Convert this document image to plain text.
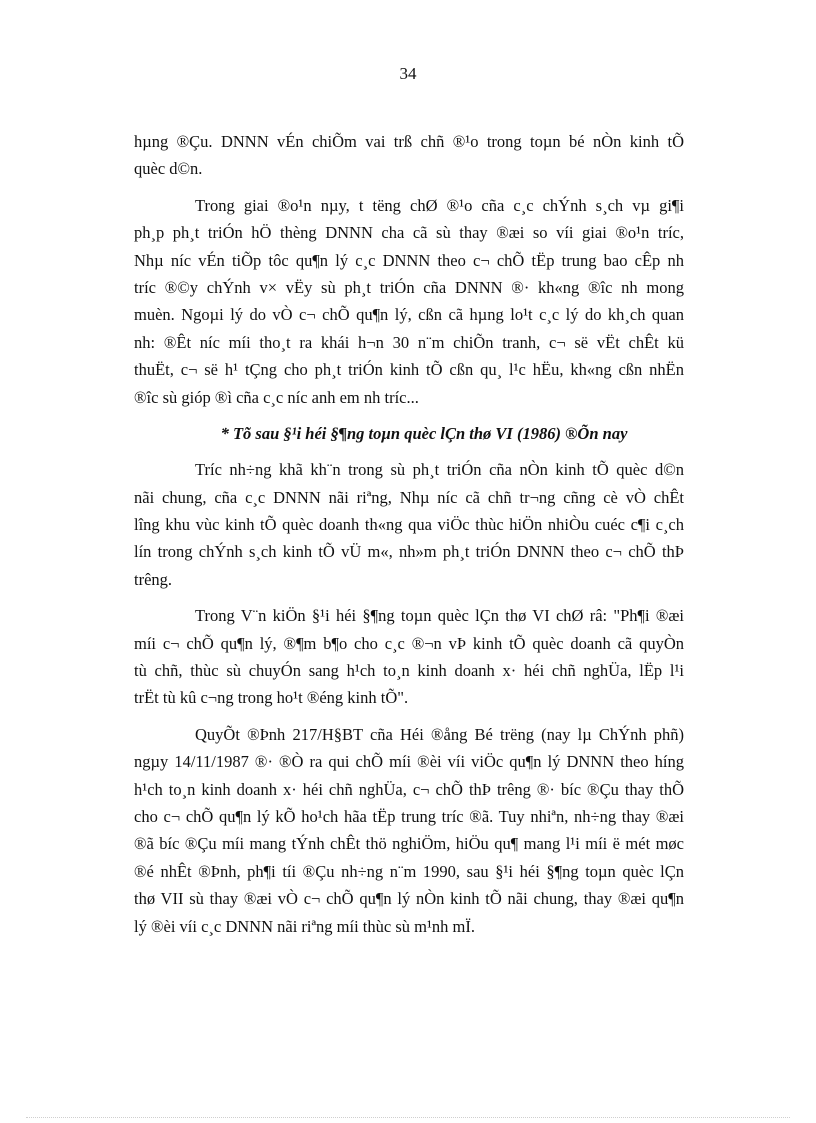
34
hµng ®Çu. DNNN vÉn chiÕm vai trß chñ ®¹o trong toµn bé nÒn kinh tÕ
quèc d©n.
Trong giai ®o¹n nµy, t tëng chØ ®¹o cña c¸c chÝnh s¸ch vµ gi¶i
ph¸p ph¸t triÓn hÖ thèng DNNN cha cã sù thay ®æi so víi giai ®o¹n tríc,
Nhµ níc vÉn tiÕp tôc qu¶n lý c¸c DNNN theo c¬ chÕ tËp trung bao cÊp nh
tríc ®©y chÝnh v× vËy sù ph¸t triÓn cña DNNN ®· kh«ng ®îc nh mong
muèn. Ngoµi lý do vÒ c¬ chÕ qu¶n lý, cßn cã hµng lo¹t c¸c lý do kh¸ch quan
nh: ®Êt níc míi tho¸t ra khái h¬n 30 n¨m chiÕn tranh, c¬ së vËt chÊt kü
thuËt, c¬ së h¹ tÇng cho ph¸t triÓn kinh tÕ cßn qu¸ l¹c hËu, kh«ng cßn nhËn
®îc sù gióp ®ì cña c¸c níc anh em nh tríc...
* Tõ sau §¹i héi §¶ng toµn quèc lÇn thø VI (1986) ®Õn nay
Tríc nh÷ng khã kh¨n trong sù ph¸t triÓn cña nÒn kinh tÕ quèc d©n
nãi chung, cña c¸c DNNN nãi riªng, Nhµ níc cã chñ tr¬ng cñng cè vÒ chÊt
lîng khu vùc kinh tÕ quèc doanh th«ng qua viÖc thùc hiÖn nhiÒu cuéc c¶i c¸ch
lín trong chÝnh s¸ch kinh tÕ vÜ m«, nh»m ph¸t triÓn DNNN theo c¬ chÕ thÞ
trêng.
Trong V¨n kiÖn §¹i héi §¶ng toµn quèc lÇn thø VI chØ râ: "Ph¶i ®æi
míi c¬ chÕ qu¶n lý, ®¶m b¶o cho c¸c ®¬n vÞ kinh tÕ quèc doanh cã quyÒn
tù chñ, thùc sù chuyÓn sang h¹ch to¸n kinh doanh x· héi chñ nghÜa, lËp l¹i
trËt tù kû c¬ng trong ho¹t ®éng kinh tÕ".
QuyÕt ®Þnh 217/H§BT cña Héi ®ång Bé trëng (nay lµ ChÝnh phñ)
ngµy 14/11/1987 ®· ®Ò ra qui chÕ míi ®èi víi viÖc qu¶n lý DNNN theo híng
h¹ch to¸n kinh doanh x· héi chñ nghÜa, c¬ chÕ thÞ trêng ®· bíc ®Çu thay thÕ
cho c¬ chÕ qu¶n lý kÕ ho¹ch hãa tËp trung tríc ®ã. Tuy nhiªn, nh÷ng thay ®æi
®ã bíc ®Çu míi mang tÝnh chÊt thö nghiÖm, hiÖu qu¶ mang l¹i míi ë mét møc
®é nhÊt ®Þnh, ph¶i tíi ®Çu nh÷ng n¨m 1990, sau §¹i héi §¶ng toµn quèc lÇn
thø VII sù thay ®æi vÒ c¬ chÕ qu¶n lý nÒn kinh tÕ nãi chung, thay ®æi qu¶n
lý ®èi víi c¸c DNNN nãi riªng míi thùc sù m¹nh mÏ.
